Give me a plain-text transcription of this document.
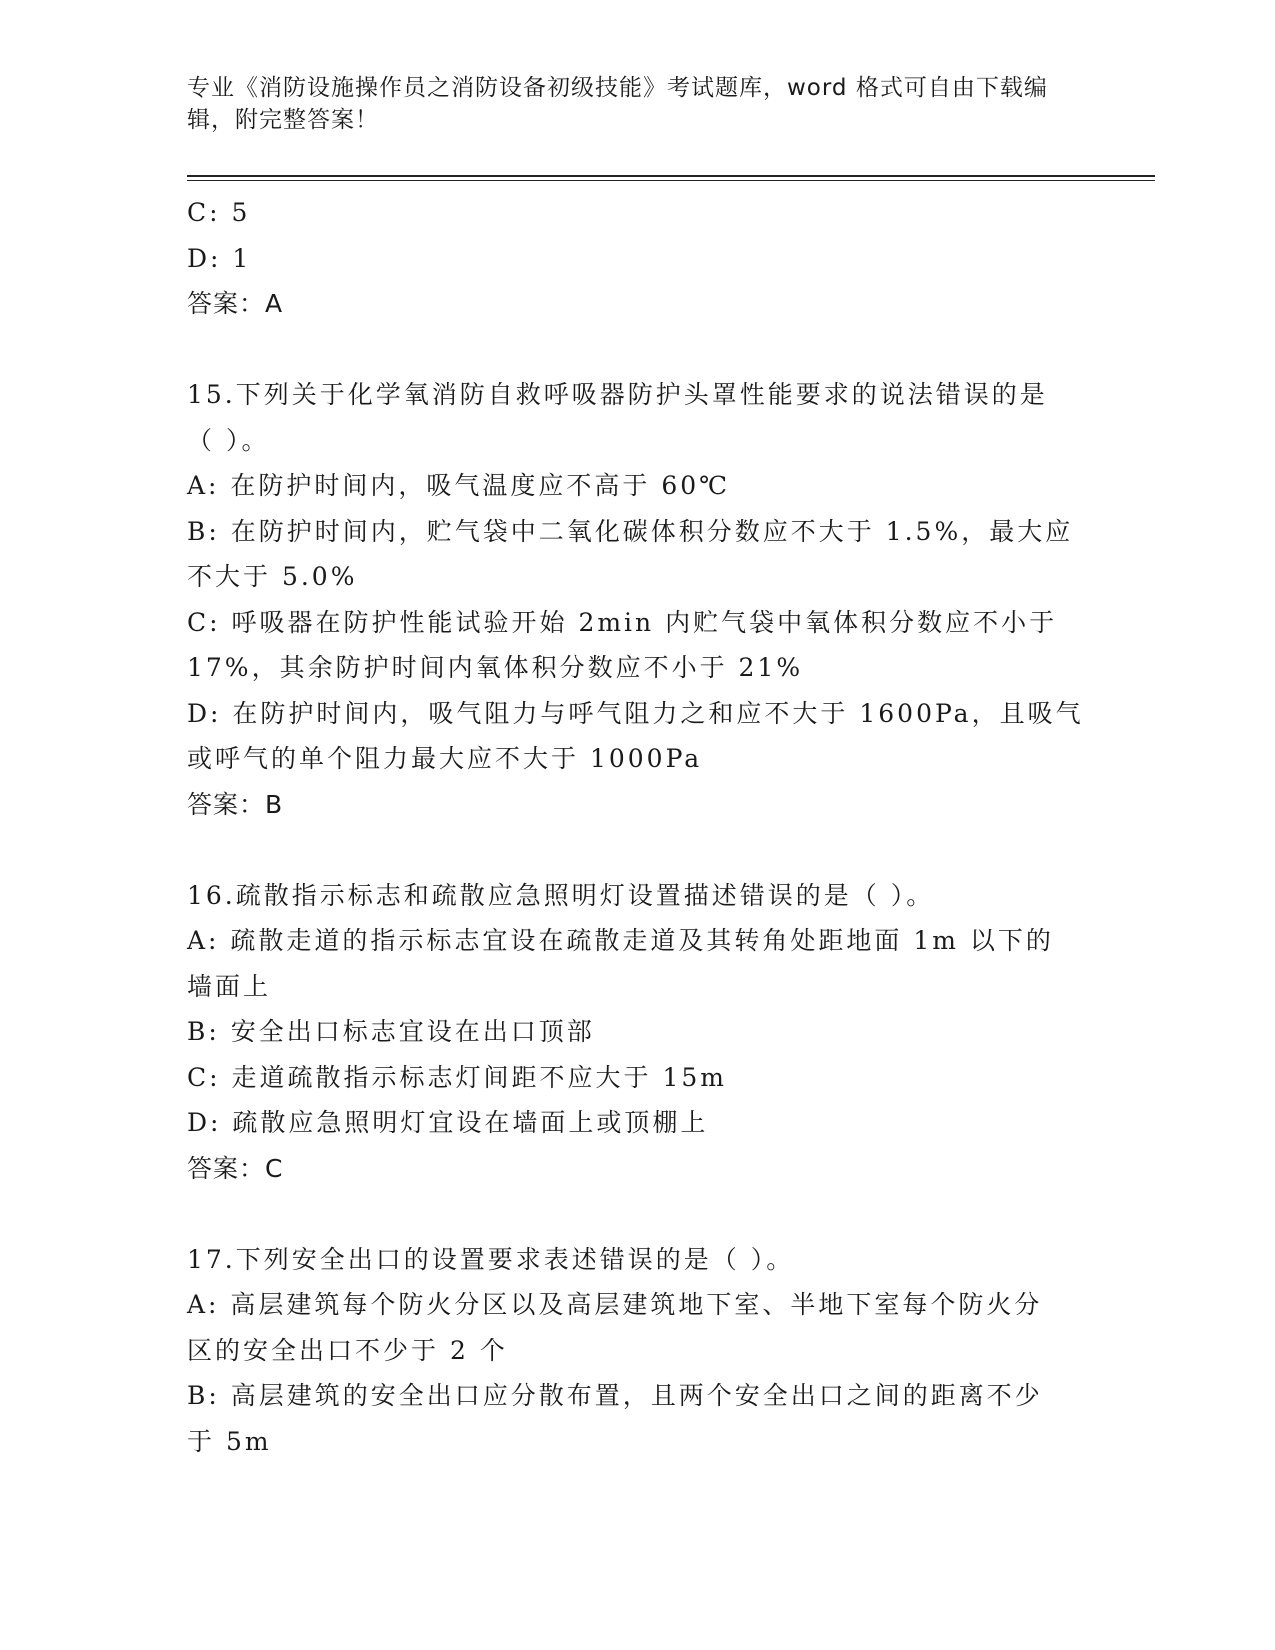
专业《消防设施操作员之消防设备初级技能》考试题库，word 格式可自由下载编
辑，附完整答案！
C: 5
D: 1
答案：A
15.下列关于化学氧消防自救呼吸器防护头罩性能要求的说法错误的是
（ ）。
A: 在防护时间内，吸气温度应不高于 60℃
B: 在防护时间内，贮气袋中二氧化碳体积分数应不大于 1.5%，最大应
不大于 5.0%
C: 呼吸器在防护性能试验开始 2min 内贮气袋中氧体积分数应不小于
17%，其余防护时间内氧体积分数应不小于 21%
D: 在防护时间内，吸气阻力与呼气阻力之和应不大于 1600Pa，且吸气
或呼气的单个阻力最大应不大于 1000Pa
答案：B
16.疏散指示标志和疏散应急照明灯设置描述错误的是（ ）。
A: 疏散走道的指示标志宜设在疏散走道及其转角处距地面 1m 以下的
墙面上
B: 安全出口标志宜设在出口顶部
C: 走道疏散指示标志灯间距不应大于 15m
D: 疏散应急照明灯宜设在墙面上或顶棚上
答案：C
17.下列安全出口的设置要求表述错误的是（ ）。
A: 高层建筑每个防火分区以及高层建筑地下室、半地下室每个防火分
区的安全出口不少于 2 个
B: 高层建筑的安全出口应分散布置，且两个安全出口之间的距离不少
于 5m
